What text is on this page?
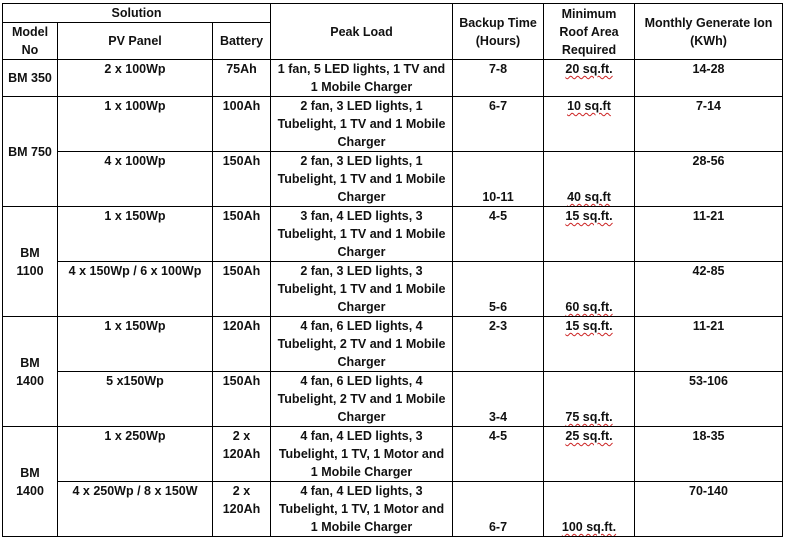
Solution			Peak Load	Backup Time (Hours)	Minimum Roof Area Required	Monthly Generate Ion (KWh)
Model No	PV Panel	Battery				
BM 350	2 x 100Wp	75Ah	1 fan, 5 LED lights, 1 TV and 1 Mobile Charger	7-8	20 sq.ft.	14-28
BM 750	1 x 100Wp	100Ah	2 fan, 3 LED lights, 1 Tubelight, 1 TV and 1 Mobile Charger	6-7	10 sq.ft	7-14
	4 x 100Wp	150Ah	2 fan, 3 LED lights, 1 Tubelight, 1 TV and 1 Mobile Charger	10-11	40 sq.ft	28-56
BM 1100	1 x 150Wp	150Ah	3 fan, 4 LED lights, 3 Tubelight, 1 TV and 1 Mobile Charger	4-5	15 sq.ft.	11-21
	4 x 150Wp / 6 x 100Wp	150Ah	2 fan, 3 LED lights, 3 Tubelight, 1 TV and 1 Mobile Charger	5-6	60 sq.ft.	42-85
BM 1400	1 x 150Wp	120Ah	4 fan, 6 LED lights, 4 Tubelight, 2 TV and 1 Mobile Charger	2-3	15 sq.ft.	11-21
	5 x150Wp	150Ah	4 fan, 6 LED lights, 4 Tubelight, 2 TV and 1 Mobile Charger	3-4	75 sq.ft.	53-106
BM 1400	1 x 250Wp	2 x 120Ah	4 fan, 4 LED lights, 3 Tubelight, 1 TV, 1 Motor and 1 Mobile Charger	4-5	25 sq.ft.	18-35
	4 x 250Wp / 8 x 150W	2 x 120Ah	4 fan, 4 LED lights, 3 Tubelight, 1 TV, 1 Motor and 1 Mobile Charger	6-7	100 sq.ft.	70-140
